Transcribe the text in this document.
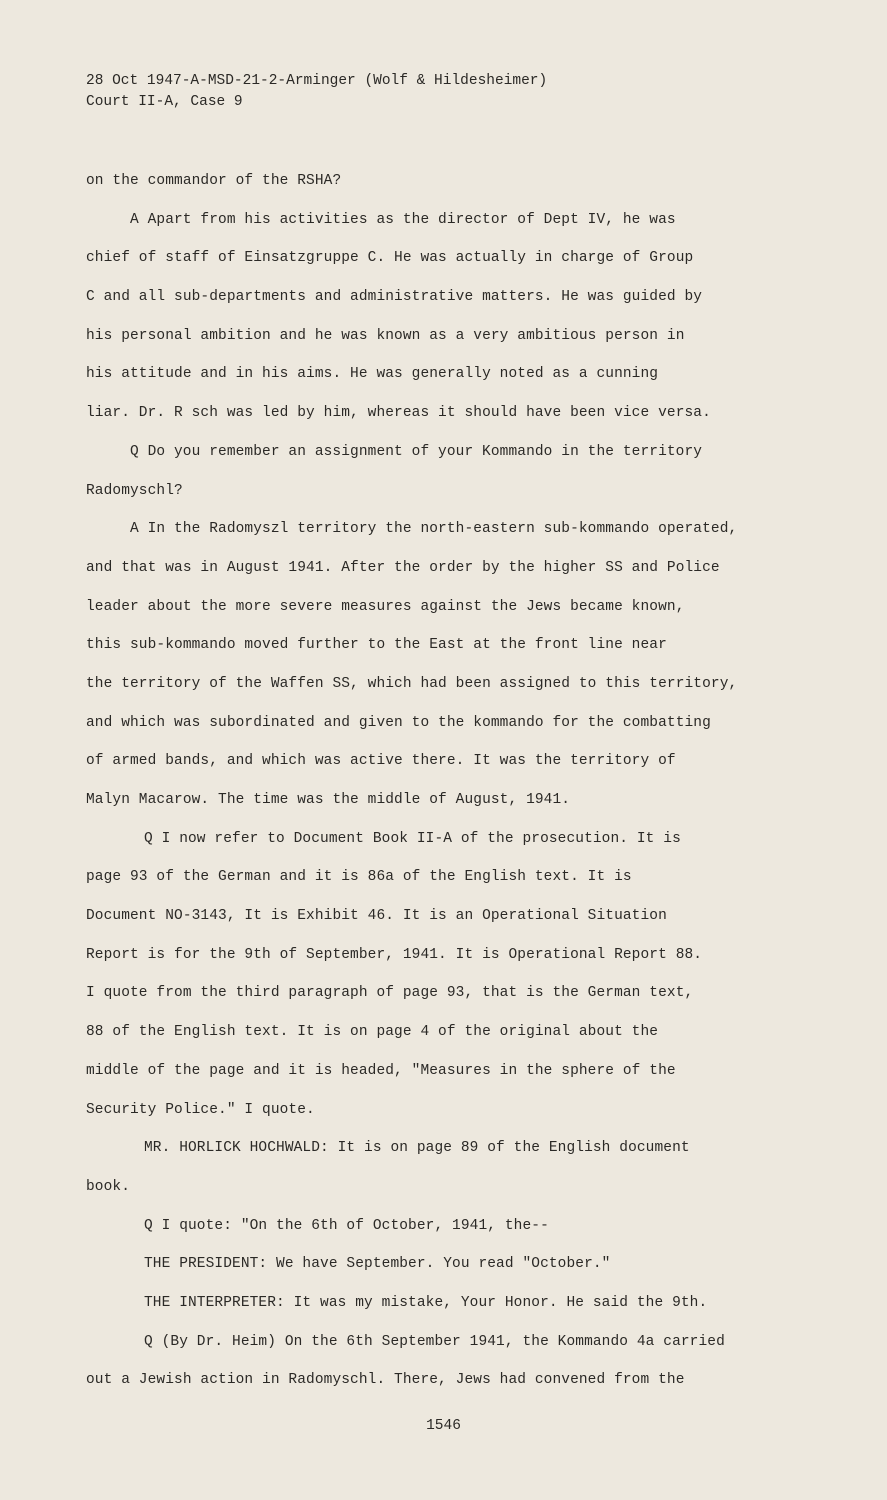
28 Oct 1947-A-MSD-21-2-Arminger (Wolf & Hildesheimer)
Court II-A, Case 9
on the commandor of the RSHA?
A Apart from his activities as the director of Dept IV, he was
chief of staff of Einsatzgruppe C. He was actually in charge of Group
C and all sub-departments and administrative matters. He was guided by
his personal ambition and he was known as a very ambitious person in
his attitude and in his aims. He was generally noted as a cunning
liar. Dr. R sch was led by him, whereas it should have been vice versa.
Q Do you remember an assignment of your Kommando in the territory
Radomyschl?
A In the Radomyszl territory the north-eastern sub-kommando operated,
and that was in August 1941. After the order by the higher SS and Police
leader about the more severe measures against the Jews became known,
this sub-kommando moved further to the East at the front line near
the territory of the Waffen SS, which had been assigned to this territory,
and which was subordinated and given to the kommando for the combatting
of armed bands, and which was active there. It was the territory of
Malyn Macarow. The time was the middle of August, 1941.
Q I now refer to Document Book II-A of the prosecution. It is
page 93 of the German and it is 86a of the English text. It is
Document NO-3143, It is Exhibit 46. It is an Operational Situation
Report is for the 9th of September, 1941. It is Operational Report 88.
I quote from the third paragraph of page 93, that is the German text,
88 of the English text. It is on page 4 of the original about the
middle of the page and it is headed, "Measures in the sphere of the
Security Police." I quote.
MR. HORLICK HOCHWALD: It is on page 89 of the English document
book.
Q I quote: "On the 6th of October, 1941, the--
THE PRESIDENT: We have September. You read "October."
THE INTERPRETER: It was my mistake, Your Honor. He said the 9th.
Q (By Dr. Heim) On the 6th September 1941, the Kommando 4a carried
out a Jewish action in Radomyschl. There, Jews had convened from the
1546
